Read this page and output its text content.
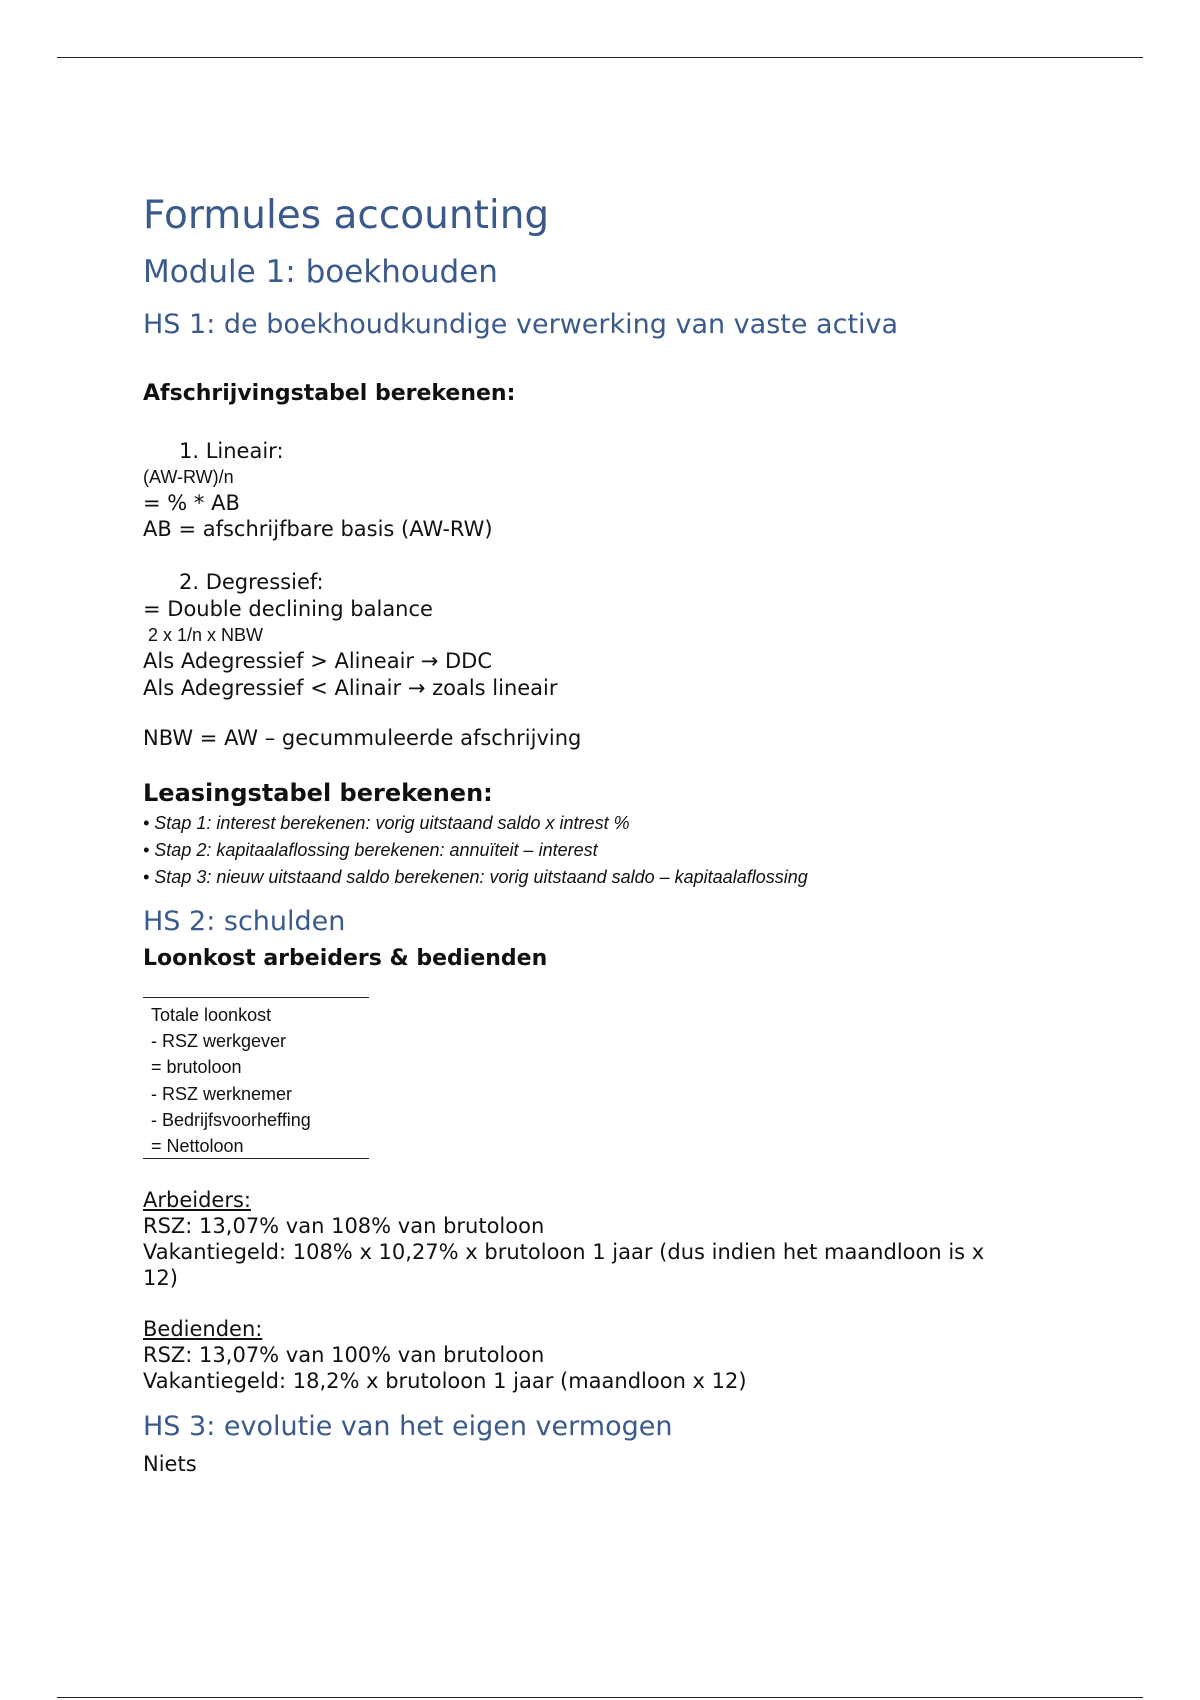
Formules accounting
Module 1: boekhouden
HS 1: de boekhoudkundige verwerking van vaste activa
Afschrijvingstabel berekenen:
1. Lineair:
(AW-RW)/n
= % * AB
AB = afschrijfbare basis (AW-RW)
2. Degressief:
= Double declining balance
2 x 1/n x NBW
Als Adegressief > Alineair → DDC
Als Adegressief < Alinair → zoals lineair
NBW = AW – gecummuleerde afschrijving
Leasingstabel berekenen:
• Stap 1: interest berekenen: vorig uitstaand saldo x intrest %
• Stap 2: kapitaalaflossing berekenen: annuïteit – interest
• Stap 3: nieuw uitstaand saldo berekenen: vorig uitstaand saldo – kapitaalaflossing
HS 2: schulden
Loonkost arbeiders & bedienden
Totale loonkost
- RSZ werkgever
= brutoloon
- RSZ werknemer
- Bedrijfsvoorheffing
= Nettoloon
Arbeiders:
RSZ: 13,07% van 108% van brutoloon
Vakantiegeld: 108% x 10,27% x brutoloon 1 jaar (dus indien het maandloon is x
12)
Bedienden:
RSZ: 13,07% van 100% van brutoloon
Vakantiegeld: 18,2% x brutoloon 1 jaar (maandloon x 12)
HS 3: evolutie van het eigen vermogen
Niets
